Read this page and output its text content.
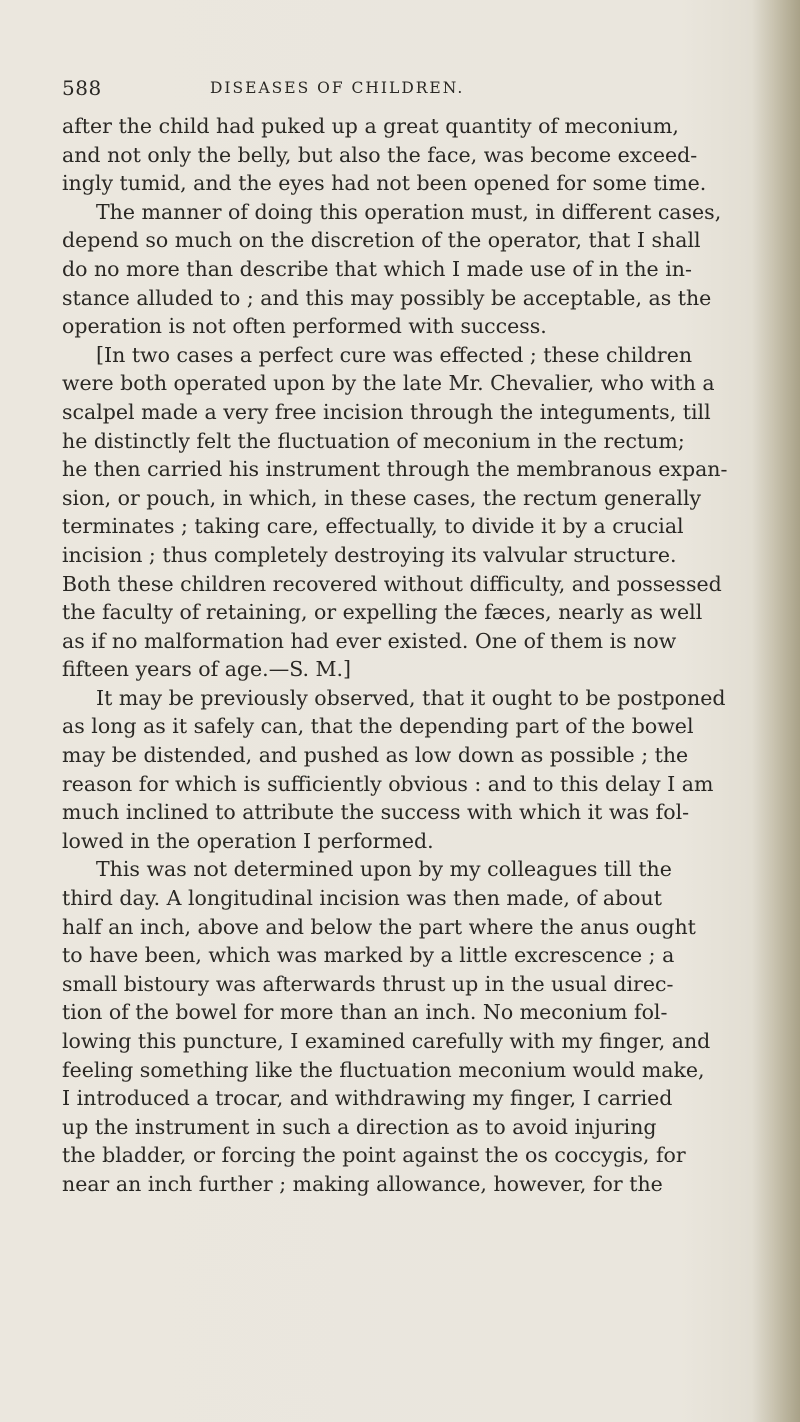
588	DISEASES OF CHILDREN.

after the child had puked up a great quantity of meconium,
and not only the belly, but also the face, was become exceed-
ingly tumid, and the eyes had not been opened for some time.

The manner of doing this operation must, in different cases,
depend so much on the discretion of the operator, that I shall
do no more than describe that which I made use of in the in-
stance alluded to ; and this may possibly be acceptable, as the
operation is not often performed with success.

[In two cases a perfect cure was effected ; these children
were both operated upon by the late Mr. Chevalier, who with a
scalpel made a very free incision through the integuments, till
he distinctly felt the fluctuation of meconium in the rectum;
he then carried his instrument through the membranous expan-
sion, or pouch, in which, in these cases, the rectum generally
terminates ; taking care, effectually, to divide it by a crucial
incision ; thus completely destroying its valvular structure.
Both these children recovered without difficulty, and possessed
the faculty of retaining, or expelling the fæces, nearly as well
as if no malformation had ever existed. One of them is now
fifteen years of age.—S. M.]

It may be previously observed, that it ought to be postponed
as long as it safely can, that the depending part of the bowel
may be distended, and pushed as low down as possible ; the
reason for which is sufficiently obvious : and to this delay I am
much inclined to attribute the success with which it was fol-
lowed in the operation I performed.

This was not determined upon by my colleagues till the
third day. A longitudinal incision was then made, of about
half an inch, above and below the part where the anus ought
to have been, which was marked by a little excrescence ; a
small bistoury was afterwards thrust up in the usual direc-
tion of the bowel for more than an inch. No meconium fol-
lowing this puncture, I examined carefully with my finger, and
feeling something like the fluctuation meconium would make,
I introduced a trocar, and withdrawing my finger, I carried
up the instrument in such a direction as to avoid injuring
the bladder, or forcing the point against the os coccygis, for
near an inch further ; making allowance, however, for the
